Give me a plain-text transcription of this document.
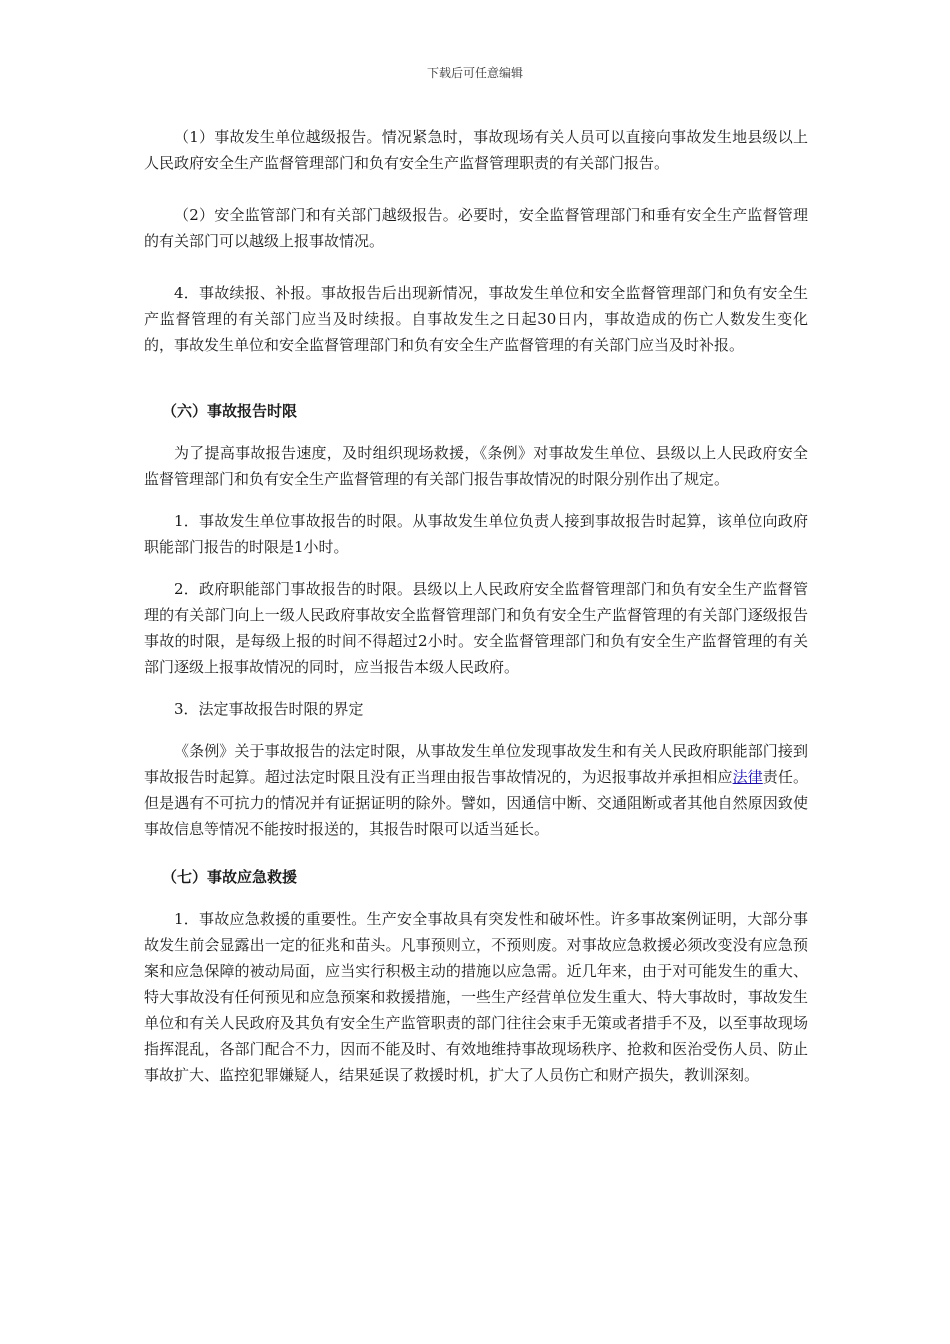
下载后可任意编辑

（1）事故发生单位越级报告。情况紧急时，事故现场有关人员可以直接向事故发生地县级以上人民政府安全生产监督管理部门和负有安全生产监督管理职责的有关部门报告。

（2）安全监管部门和有关部门越级报告。必要时，安全监督管理部门和垂有安全生产监督管理的有关部门可以越级上报事故情况。

4．事故续报、补报。事故报告后出现新情况，事故发生单位和安全监督管理部门和负有安全生产监督管理的有关部门应当及时续报。自事故发生之日起30日内，事故造成的伤亡人数发生变化的，事故发生单位和安全监督管理部门和负有安全生产监督管理的有关部门应当及时补报。

（六）事故报告时限

为了提高事故报告速度，及时组织现场救援，《条例》对事故发生单位、县级以上人民政府安全监督管理部门和负有安全生产监督管理的有关部门报告事故情况的时限分别作出了规定。

1．事故发生单位事故报告的时限。从事故发生单位负责人接到事故报告时起算，该单位向政府职能部门报告的时限是1小时。

2．政府职能部门事故报告的时限。县级以上人民政府安全监督管理部门和负有安全生产监督管理的有关部门向上一级人民政府事故安全监督管理部门和负有安全生产监督管理的有关部门逐级报告事故的时限，是每级上报的时间不得超过2小时。安全监督管理部门和负有安全生产监督管理的有关部门逐级上报事故情况的同时，应当报告本级人民政府。

3．法定事故报告时限的界定

《条例》关于事故报告的法定时限，从事故发生单位发现事故发生和有关人民政府职能部门接到事故报告时起算。超过法定时限且没有正当理由报告事故情况的，为迟报事故并承担相应法律责任。但是遇有不可抗力的情况并有证据证明的除外。譬如，因通信中断、交通阻断或者其他自然原因致使事故信息等情况不能按时报送的，其报告时限可以适当延长。

（七）事故应急救援

1．事故应急救援的重要性。生产安全事故具有突发性和破坏性。许多事故案例证明，大部分事故发生前会显露出一定的征兆和苗头。凡事预则立，不预则废。对事故应急救援必须改变没有应急预案和应急保障的被动局面，应当实行积极主动的措施以应急需。近几年来，由于对可能发生的重大、特大事故没有任何预见和应急预案和救援措施，一些生产经营单位发生重大、特大事故时，事故发生单位和有关人民政府及其负有安全生产监管职责的部门往往会束手无策或者措手不及，以至事故现场指挥混乱，各部门配合不力，因而不能及时、有效地维持事故现场秩序、抢救和医治受伤人员、防止事故扩大、监控犯罪嫌疑人，结果延误了救援时机，扩大了人员伤亡和财产损失，教训深刻。
